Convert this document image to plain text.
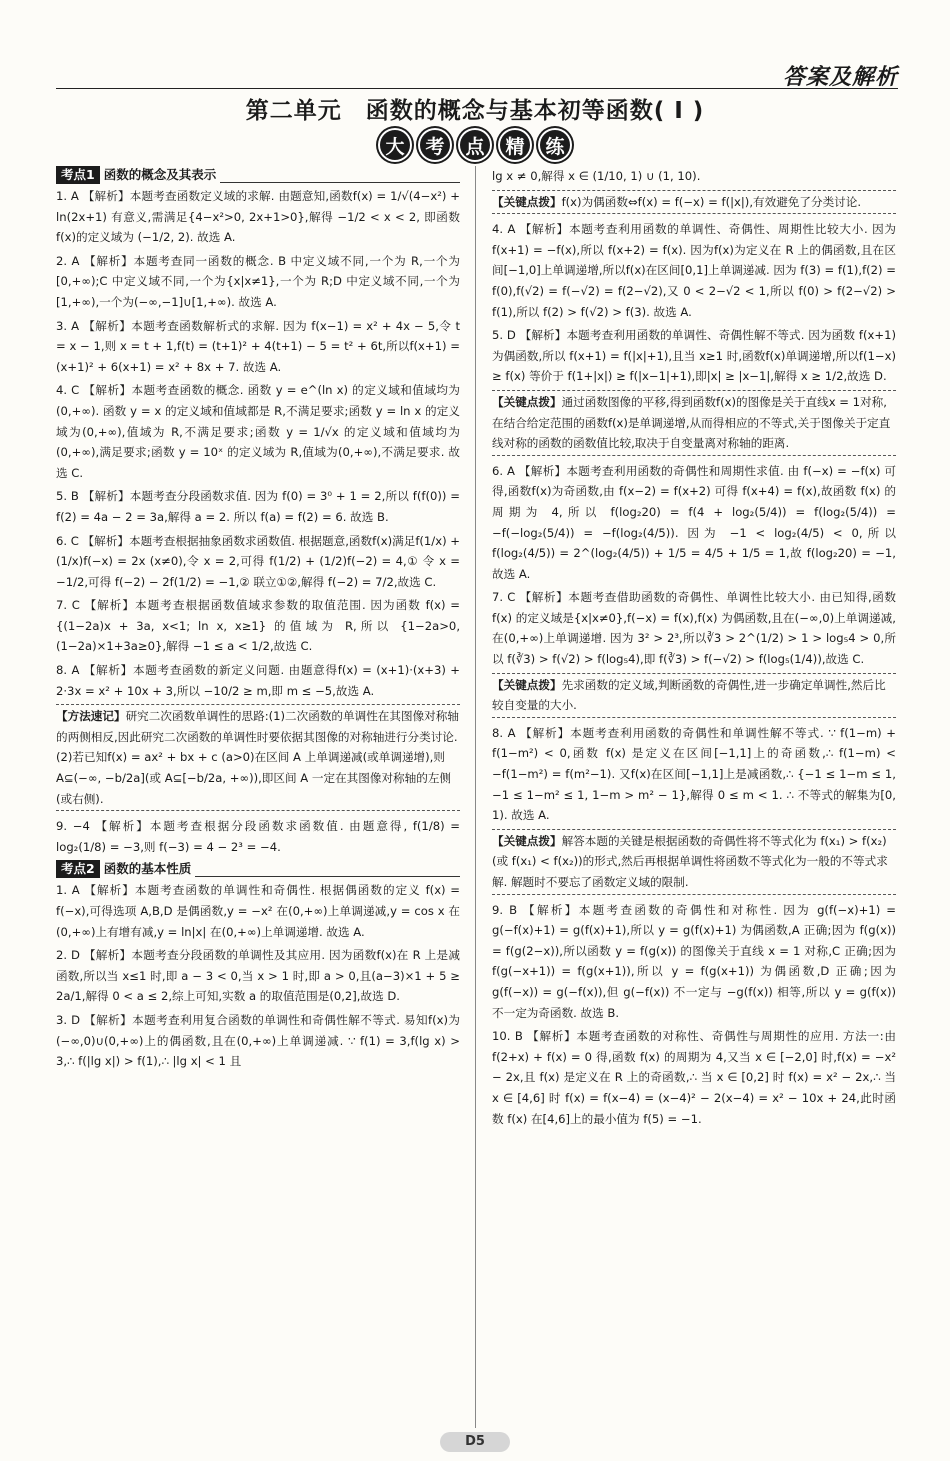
答案及解析
第二单元　函数的概念与基本初等函数( Ⅰ )
大	考	点	精	练
考点1 函数的概念及其表示
1. A 【解析】本题考查函数定义域的求解. 由题意知,函数f(x) = 1/√(4−x²) + ln(2x+1) 有意义,需满足{4−x²>0, 2x+1>0},解得 −1/2 < x < 2, 即函数f(x)的定义域为 (−1/2, 2). 故选 A.
2. A 【解析】本题考查同一函数的概念. B 中定义域不同,一个为 R,一个为[0,+∞);C 中定义域不同,一个为{x|x≠1},一个为 R;D 中定义域不同,一个为[1,+∞),一个为(−∞,−1]∪[1,+∞). 故选 A.
3. A 【解析】本题考查函数解析式的求解. 因为 f(x−1) = x² + 4x − 5,令 t = x − 1,则 x = t + 1,f(t) = (t+1)² + 4(t+1) − 5 = t² + 6t,所以f(x+1) = (x+1)² + 6(x+1) = x² + 8x + 7. 故选 A.
4. C 【解析】本题考查函数的概念. 函数 y = e^(ln x) 的定义域和值域均为(0,+∞). 函数 y = x 的定义域和值域都是 R,不满足要求;函数 y = ln x 的定义域为(0,+∞),值域为 R,不满足要求;函数 y = 1/√x 的定义域和值域均为(0,+∞),满足要求;函数 y = 10ˣ 的定义域为 R,值域为(0,+∞),不满足要求. 故选 C.
5. B 【解析】本题考查分段函数求值. 因为 f(0) = 3⁰ + 1 = 2,所以 f(f(0)) = f(2) = 4a − 2 = 3a,解得 a = 2. 所以 f(a) = f(2) = 6. 故选 B.
6. C 【解析】本题考查根据抽象函数求函数值. 根据题意,函数f(x)满足f(1/x) + (1/x)f(−x) = 2x (x≠0),令 x = 2,可得 f(1/2) + (1/2)f(−2) = 4,① 令 x = −1/2,可得 f(−2) − 2f(1/2) = −1,② 联立①②,解得 f(−2) = 7/2,故选 C.
7. C 【解析】本题考查根据函数值域求参数的取值范围. 因为函数 f(x) = {(1−2a)x + 3a, x<1; ln x, x≥1} 的值域为 R,所以 {1−2a>0, (1−2a)×1+3a≥0},解得 −1 ≤ a < 1/2,故选 C.
8. A 【解析】本题考查函数的新定义问题. 由题意得f(x) = (x+1)·(x+3) + 2·3x = x² + 10x + 3,所以 −10/2 ≥ m,即 m ≤ −5,故选 A.
【方法速记】研究二次函数单调性的思路:(1)二次函数的单调性在其图像对称轴的两侧相反,因此研究二次函数的单调性时要依据其图像的对称轴进行分类讨论. (2)若已知f(x) = ax² + bx + c (a>0)在区间 A 上单调递减(或单调递增),则A⊆(−∞, −b/2a](或 A⊆[−b/2a, +∞)),即区间 A 一定在其图像对称轴的左侧(或右侧).
9. −4 【解析】本题考查根据分段函数求函数值. 由题意得, f(1/8) = log₂(1/8) = −3,则 f(−3) = 4 − 2³ = −4.
考点2 函数的基本性质
1. A 【解析】本题考查函数的单调性和奇偶性. 根据偶函数的定义 f(x) = f(−x),可得选项 A,B,D 是偶函数,y = −x² 在(0,+∞)上单调递减,y = cos x 在(0,+∞)上有增有减,y = ln|x| 在(0,+∞)上单调递增. 故选 A.
2. D 【解析】本题考查分段函数的单调性及其应用. 因为函数f(x)在 R 上是减函数,所以当 x≤1 时,即 a − 3 < 0,当 x > 1 时,即 a > 0,且(a−3)×1 + 5 ≥ 2a/1,解得 0 < a ≤ 2,综上可知,实数 a 的取值范围是(0,2],故选 D.
3. D 【解析】本题考查利用复合函数的单调性和奇偶性解不等式. 易知f(x)为(−∞,0)∪(0,+∞)上的偶函数,且在(0,+∞)上单调递减. ∵ f(1) = 3,f(lg x) > 3,∴ f(|lg x|) > f(1),∴ |lg x| < 1 且
lg x ≠ 0,解得 x ∈ (1/10, 1) ∪ (1, 10).
【关键点拨】f(x)为偶函数⇔f(x) = f(−x) = f(|x|),有效避免了分类讨论.
4. A 【解析】本题考查利用函数的单调性、奇偶性、周期性比较大小. 因为 f(x+1) = −f(x),所以 f(x+2) = f(x). 因为f(x)为定义在 R 上的偶函数,且在区间[−1,0]上单调递增,所以f(x)在区间[0,1]上单调递减. 因为 f(3) = f(1),f(2) = f(0),f(√2) = f(−√2) = f(2−√2),又 0 < 2−√2 < 1,所以 f(0) > f(2−√2) > f(1),所以 f(2) > f(√2) > f(3). 故选 A.
5. D 【解析】本题考查利用函数的单调性、奇偶性解不等式. 因为函数 f(x+1) 为偶函数,所以 f(x+1) = f(|x|+1),且当 x≥1 时,函数f(x)单调递增,所以f(1−x) ≥ f(x) 等价于 f(1+|x|) ≥ f(|x−1|+1),即|x| ≥ |x−1|,解得 x ≥ 1/2,故选 D.
【关键点拨】通过函数图像的平移,得到函数f(x)的图像是关于直线x = 1对称,在结合给定范围的函数f(x)是单调递增,从而得相应的不等式,关于图像关于定直线对称的函数的函数值比较,取决于自变量离对称轴的距离.
6. A 【解析】本题考查利用函数的奇偶性和周期性求值. 由 f(−x) = −f(x) 可得,函数f(x)为奇函数,由 f(x−2) = f(x+2) 可得 f(x+4) = f(x),故函数 f(x) 的周期为 4,所以 f(log₂20) = f(4 + log₂(5/4)) = f(log₂(5/4)) = −f(−log₂(5/4)) = −f(log₂(4/5)). 因为 −1 < log₂(4/5) < 0,所以 f(log₂(4/5)) = 2^(log₂(4/5)) + 1/5 = 4/5 + 1/5 = 1,故 f(log₂20) = −1,故选 A.
7. C 【解析】本题考查借助函数的奇偶性、单调性比较大小. 由已知得,函数 f(x) 的定义域是{x|x≠0},f(−x) = f(x),f(x) 为偶函数,且在(−∞,0)上单调递减,在(0,+∞)上单调递增. 因为 3² > 2³,所以∛3 > 2^(1/2) > 1 > log₅4 > 0,所以 f(∛3) > f(√2) > f(log₅4),即 f(∛3) > f(−√2) > f(log₅(1/4)),故选 C.
【关键点拨】先求函数的定义域,判断函数的奇偶性,进一步确定单调性,然后比较自变量的大小.
8. A 【解析】本题考查利用函数的奇偶性和单调性解不等式. ∵ f(1−m) + f(1−m²) < 0,函数 f(x) 是定义在区间[−1,1]上的奇函数,∴ f(1−m) < −f(1−m²) = f(m²−1). 又f(x)在区间[−1,1]上是减函数,∴ {−1 ≤ 1−m ≤ 1, −1 ≤ 1−m² ≤ 1, 1−m > m² − 1},解得 0 ≤ m < 1. ∴ 不等式的解集为[0, 1). 故选 A.
【关键点拨】解答本题的关键是根据函数的奇偶性将不等式化为 f(x₁) > f(x₂) (或 f(x₁) < f(x₂))的形式,然后再根据单调性将函数不等式化为一般的不等式求解. 解题时不要忘了函数定义域的限制.
9. B 【解析】本题考查函数的奇偶性和对称性. 因为 g(f(−x)+1) = g(−f(x)+1) = g(f(x)+1),所以 y = g(f(x)+1) 为偶函数,A 正确;因为 f(g(x)) = f(g(2−x)),所以函数 y = f(g(x)) 的图像关于直线 x = 1 对称,C 正确;因为 f(g(−x+1)) = f(g(x+1)),所以 y = f(g(x+1)) 为偶函数,D 正确;因为 g(f(−x)) = g(−f(x)),但 g(−f(x)) 不一定与 −g(f(x)) 相等,所以 y = g(f(x)) 不一定为奇函数. 故选 B.
10. B 【解析】本题考查函数的对称性、奇偶性与周期性的应用. 方法一:由 f(2+x) + f(x) = 0 得,函数 f(x) 的周期为 4,又当 x ∈ [−2,0] 时,f(x) = −x² − 2x,且 f(x) 是定义在 R 上的奇函数,∴ 当 x ∈ [0,2] 时 f(x) = x² − 2x,∴ 当 x ∈ [4,6] 时 f(x) = f(x−4) = (x−4)² − 2(x−4) = x² − 10x + 24,此时函数 f(x) 在[4,6]上的最小值为 f(5) = −1.
D5
